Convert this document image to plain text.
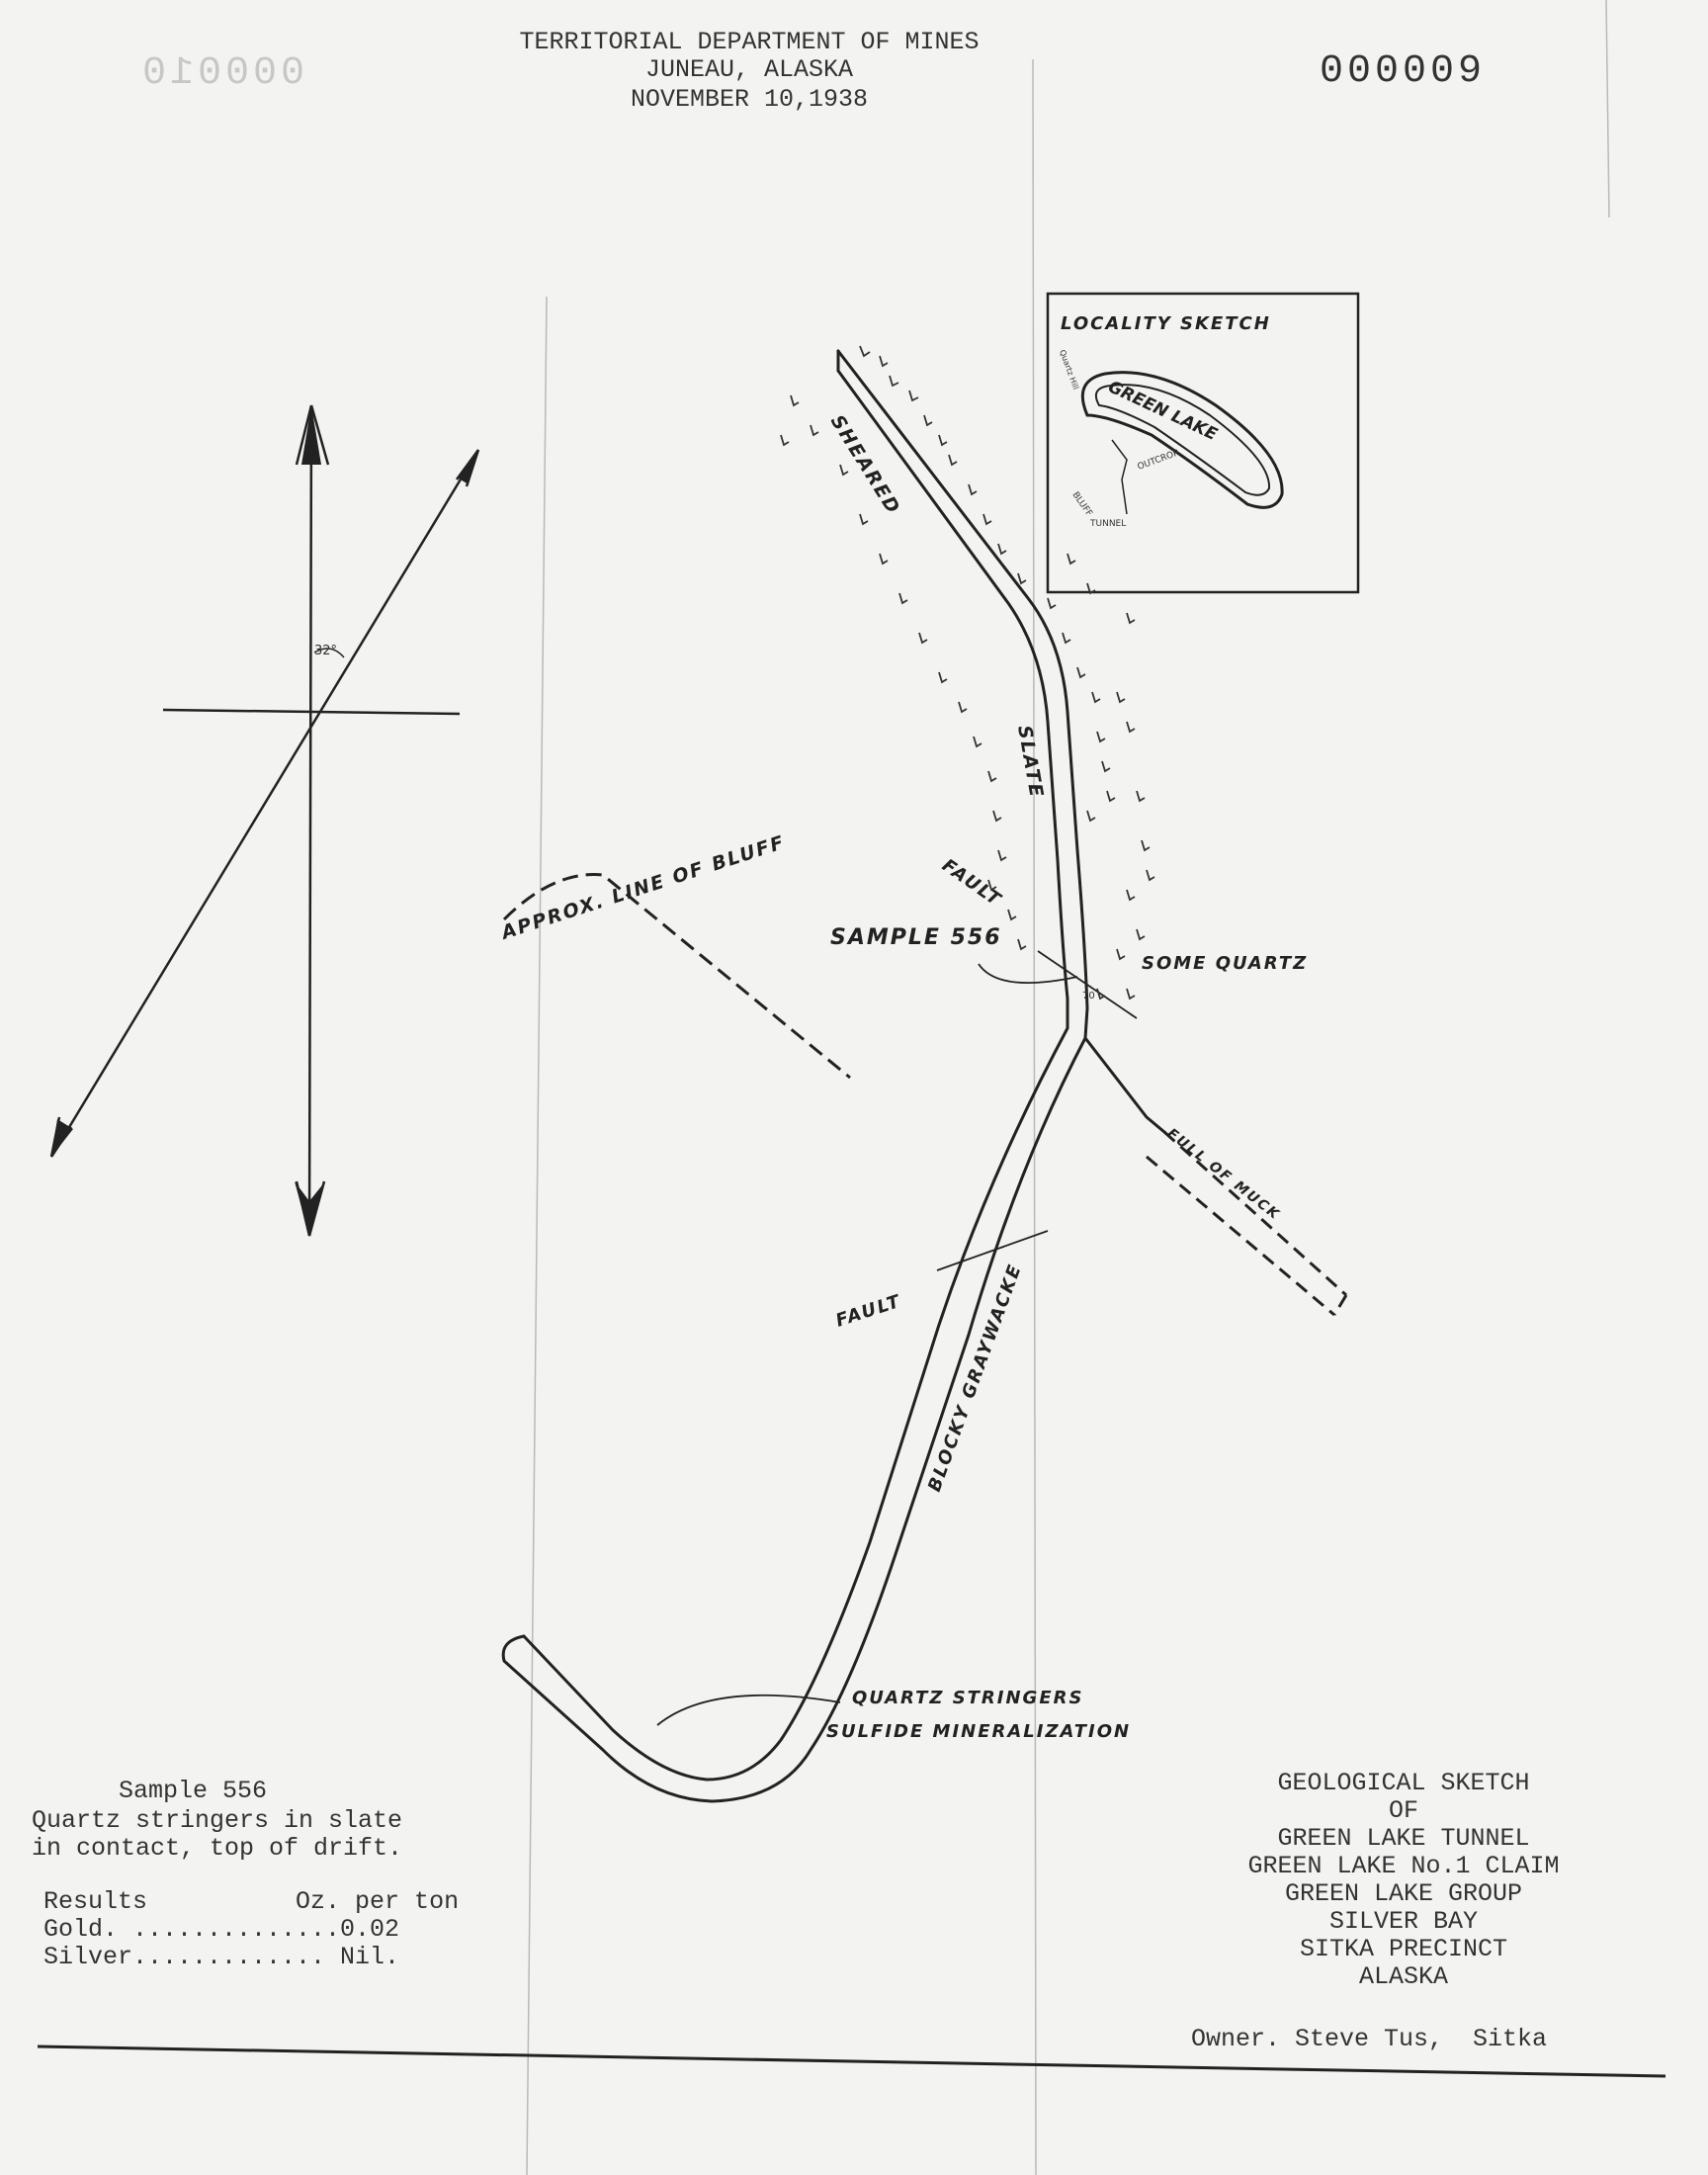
TERRITORIAL DEPARTMENT OF MINES
JUNEAU, ALASKA
NOVEMBER 10,1938
000010	000009
32°
LOCALITY SKETCH
GREEN LAKE
Quartz Hill
OUTCROP
BLUFF
TUNNEL
SHEARED
SLATE
FAULT
SAMPLE 556
SOME QUARTZ
70
APPROX. LINE OF BLUFF
FULL OF MUCK
FAULT BLOCKY GRAYWACKE
QUARTZ STRINGERS
SULFIDE MINERALIZATION
Sample 556
Quartz stringers in slate
in contact, top of drift.
Results          Oz. per ton
Gold. ..............0.02
Silver............. Nil.
GEOLOGICAL SKETCH
OF
GREEN LAKE TUNNEL
GREEN LAKE No.1 CLAIM
GREEN LAKE GROUP
SILVER BAY
SITKA PRECINCT
ALASKA
Owner. Steve Tus,  Sitka
